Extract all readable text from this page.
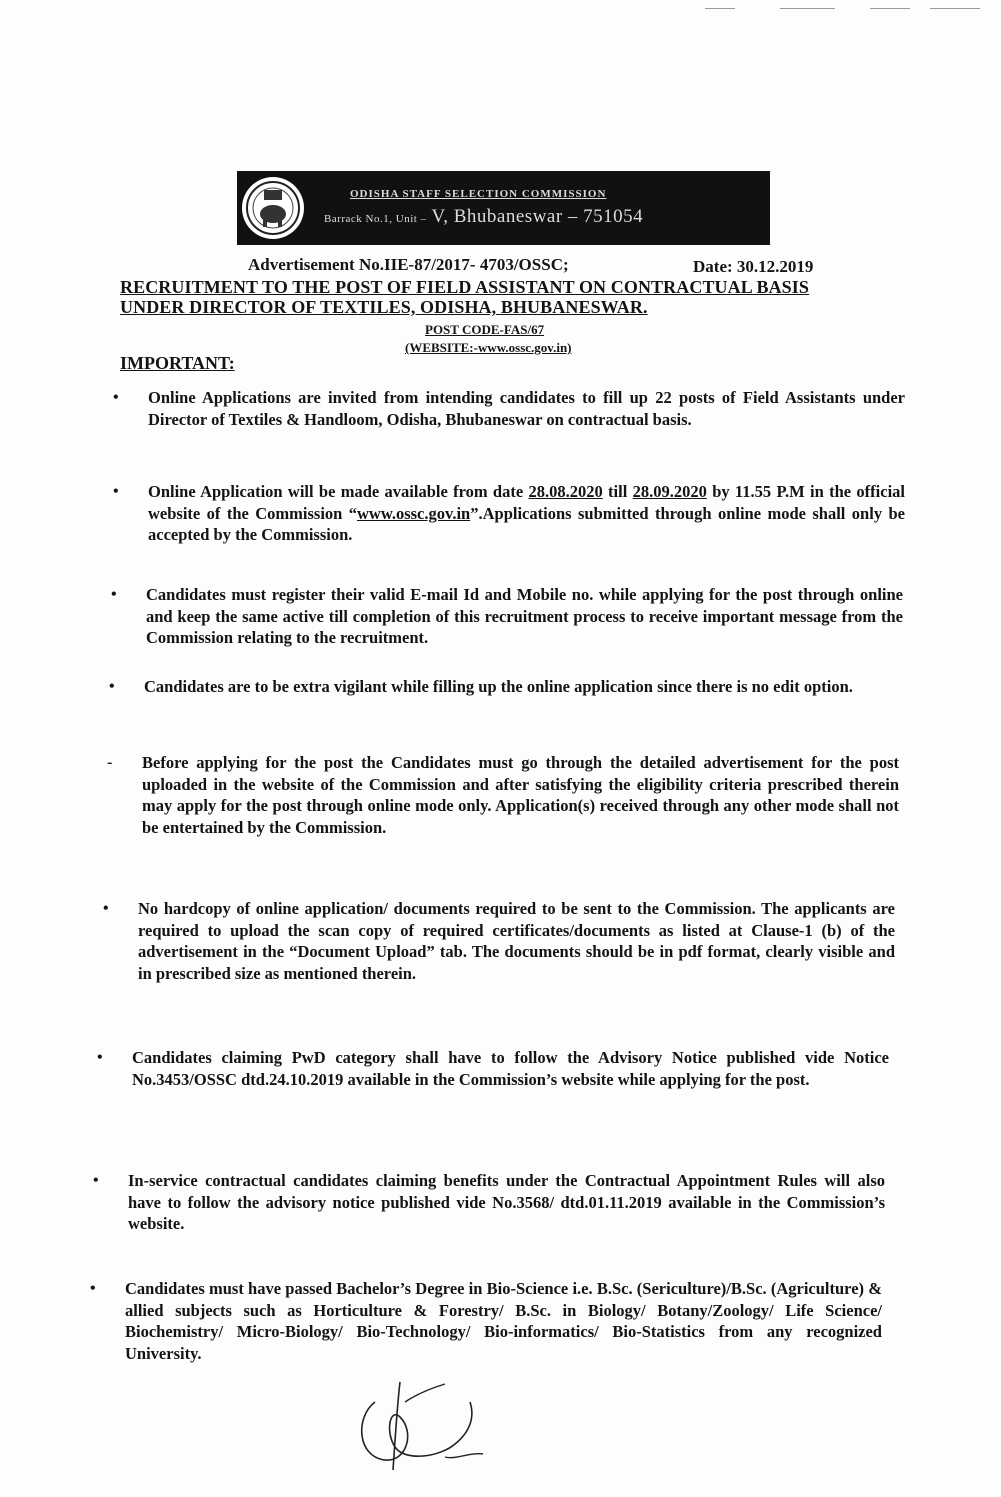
ODISHA STAFF SELECTION COMMISSION
Barrack No.1, Unit – V, Bhubaneswar – 751054
Advertisement No.IIE-87/2017- 4703/OSSC;	Date: 30.12.2019
RECRUITMENT TO THE POST OF FIELD ASSISTANT ON CONTRACTUAL BASIS
UNDER DIRECTOR OF TEXTILES, ODISHA, BHUBANESWAR.
POST CODE-FAS/67
(WEBSITE:-www.ossc.gov.in)
IMPORTANT:
•	Online Applications are invited from intending candidates to fill up 22 posts of Field Assistants under Director of Textiles & Handloom, Odisha, Bhubaneswar on contractual basis.
•	Online Application will be made available from date 28.08.2020 till 28.09.2020 by 11.55 P.M in the official website of the Commission “www.ossc.gov.in”.Applications submitted through online mode shall only be accepted by the Commission.
•	Candidates must register their valid E-mail Id and Mobile no. while applying for the post through online and keep the same active till completion of this recruitment process to receive important message from the Commission relating to the recruitment.
•	Candidates are to be extra vigilant while filling up the online application since there is no edit option.
-	Before applying for the post the Candidates must go through the detailed advertisement for the post uploaded in the website of the Commission and after satisfying the eligibility criteria prescribed therein may apply for the post through online mode only. Application(s) received through any other mode shall not be entertained by the Commission.
•	No hardcopy of online application/ documents required to be sent to the Commission. The applicants are required to upload the scan copy of required certificates/documents as listed at Clause-1 (b) of the advertisement in the “Document Upload” tab. The documents should be in pdf format, clearly visible and in prescribed size as mentioned therein.
•	Candidates claiming PwD category shall have to follow the Advisory Notice published vide Notice No.3453/OSSC dtd.24.10.2019 available in the Commission’s website while applying for the post.
•	In-service contractual candidates claiming benefits under the Contractual Appointment Rules will also have to follow the advisory notice published vide No.3568/ dtd.01.11.2019 available in the Commission’s website.
•	Candidates must have passed Bachelor’s Degree in Bio-Science i.e. B.Sc. (Sericulture)/B.Sc. (Agriculture) & allied subjects such as Horticulture & Forestry/ B.Sc. in Biology/ Botany/Zoology/ Life Science/ Biochemistry/ Micro-Biology/ Bio-Technology/ Bio-informatics/ Bio-Statistics from any recognized University.
